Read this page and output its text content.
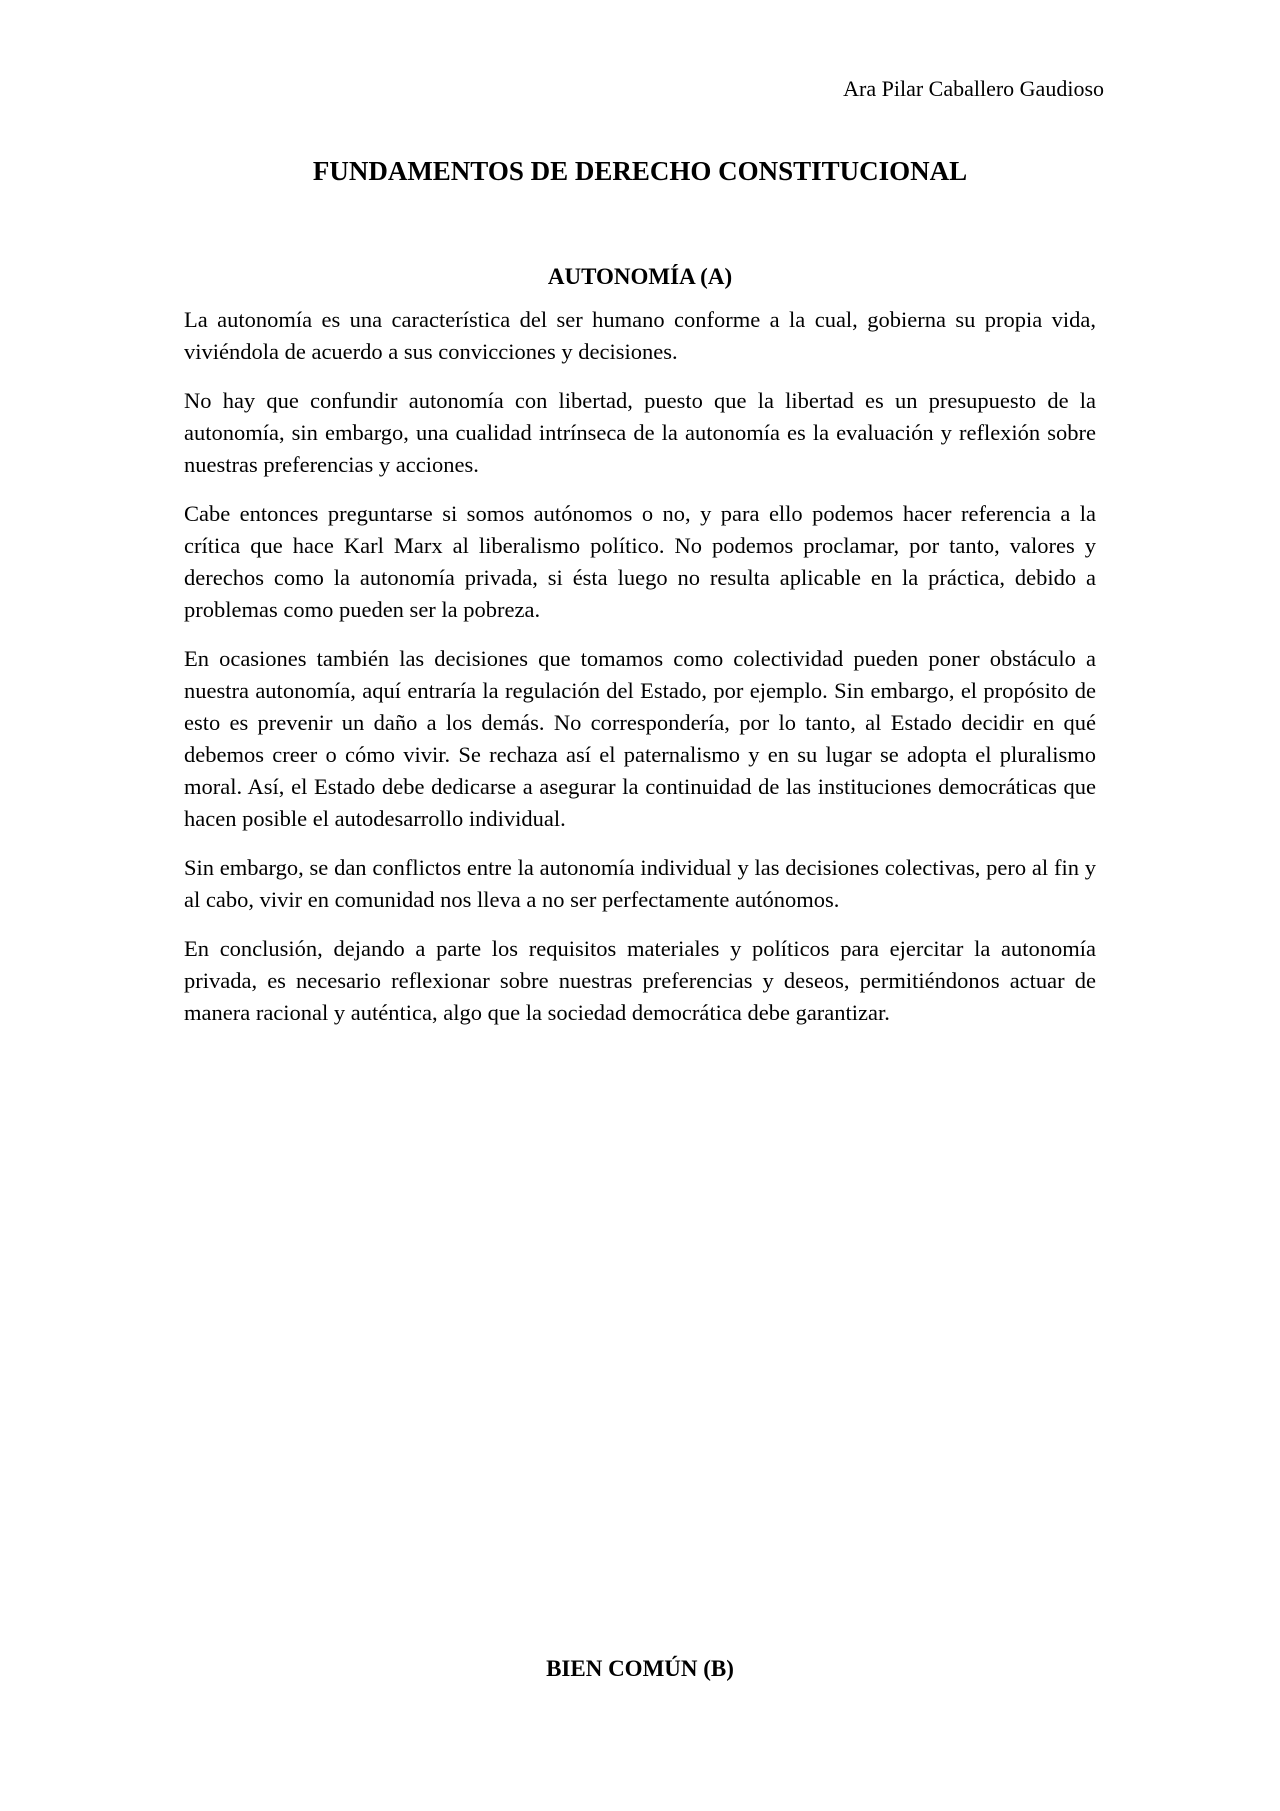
Ara Pilar Caballero Gaudioso
FUNDAMENTOS DE DERECHO CONSTITUCIONAL
AUTONOMÍA (A)

La autonomía es una característica del ser humano conforme a la cual, gobierna su propia vida, viviéndola de acuerdo a sus convicciones y decisiones.

No hay que confundir autonomía con libertad, puesto que la libertad es un presupuesto de la autonomía, sin embargo, una cualidad intrínseca de la autonomía es la evaluación y reflexión sobre nuestras preferencias y acciones.

Cabe entonces preguntarse si somos autónomos o no, y para ello podemos hacer referencia a la crítica que hace Karl Marx al liberalismo político. No podemos proclamar, por tanto, valores y derechos como la autonomía privada, si ésta luego no resulta aplicable en la práctica, debido a problemas como pueden ser la pobreza.

En ocasiones también las decisiones que tomamos como colectividad pueden poner obstáculo a nuestra autonomía, aquí entraría la regulación del Estado, por ejemplo. Sin embargo, el propósito de esto es prevenir un daño a los demás. No correspondería, por lo tanto, al Estado decidir en qué debemos creer o cómo vivir. Se rechaza así el paternalismo y en su lugar se adopta el pluralismo moral. Así, el Estado debe dedicarse a asegurar la continuidad de las instituciones democráticas que hacen posible el autodesarrollo individual.

Sin embargo, se dan conflictos entre la autonomía individual y las decisiones colectivas, pero al fin y al cabo, vivir en comunidad nos lleva a no ser perfectamente autónomos.

En conclusión, dejando a parte los requisitos materiales y políticos para ejercitar la autonomía privada, es necesario reflexionar sobre nuestras preferencias y deseos, permitiéndonos actuar de manera racional y auténtica, algo que la sociedad democrática debe garantizar.

BIEN COMÚN (B)
